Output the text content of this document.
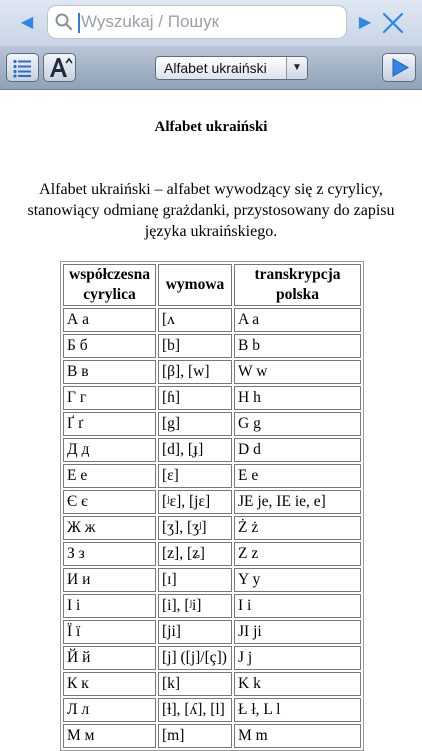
◀
Wyszukaj / Пошук	▶
Alfabet ukraiński	▼
Alfabet ukraiński
Alfabet ukraiński – alfabet wywodzący się z cyrylicy, stanowiący odmianę grażdanki, przystosowany do zapisu języka ukraińskiego.
współczesna cyrylica	wymowa	transkrypcja polska
А а	[ʌ	A a
Б б	[b]	B b
В в	[β], [w]	W w
Г г	[ɦ]	H h
Ґ ґ	[g]	G g
Д д	[d], [ɟ]	D d
Е е	[ɛ]	E e
Є є	[ʲɛ], [jɛ]	JE je, IE ie, e]
Ж ж	[ʒ], [ʒʲ]	Ż ż
З з	[z], [ʑ]	Z z
И и	[ɪ]	Y y
І і	[i], [ʲi]	I i
Ї ї	[ji]	JI ji
Й й	[j] ([j]/[ç])	J j
К к	[k]	K k
Л л	[ɫ], [ʎ], [l]	Ł ł, L l
М м	[m]	M m
